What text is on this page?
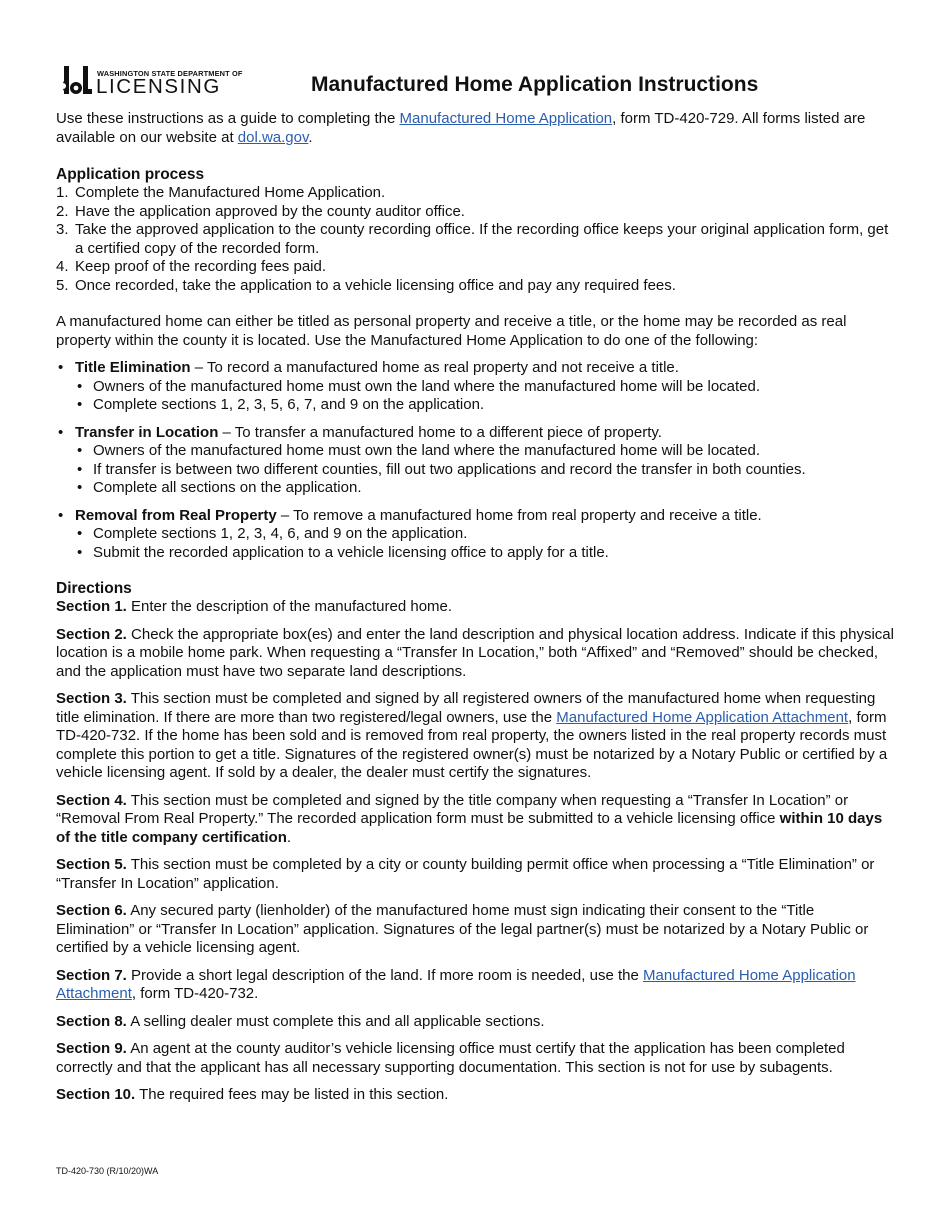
WASHINGTON STATE DEPARTMENT OF
LICENSING	Manufactured Home Application Instructions

Use these instructions as a guide to completing the Manufactured Home Application, form TD-420-729. All forms listed are available on our website at dol.wa.gov.

Application process
1. Complete the Manufactured Home Application.
2. Have the application approved by the county auditor office.
3. Take the approved application to the county recording office. If the recording office keeps your original application form, get a certified copy of the recorded form.
4. Keep proof of the recording fees paid.
5. Once recorded, take the application to a vehicle licensing office and pay any required fees.

A manufactured home can either be titled as personal property and receive a title, or the home may be recorded as real property within the county it is located. Use the Manufactured Home Application to do one of the following:

• Title Elimination – To record a manufactured home as real property and not receive a title.
• Owners of the manufactured home must own the land where the manufactured home will be located.
• Complete sections 1, 2, 3, 5, 6, 7, and 9 on the application.
• Transfer in Location – To transfer a manufactured home to a different piece of property.
• Owners of the manufactured home must own the land where the manufactured home will be located.
• If transfer is between two different counties, fill out two applications and record the transfer in both counties.
• Complete all sections on the application.
• Removal from Real Property – To remove a manufactured home from real property and receive a title.
• Complete sections 1, 2, 3, 4, 6, and 9 on the application.
• Submit the recorded application to a vehicle licensing office to apply for a title.
Directions

Section 1. Enter the description of the manufactured home.

Section 2. Check the appropriate box(es) and enter the land description and physical location address. Indicate if this physical location is a mobile home park. When requesting a “Transfer In Location,” both “Affixed” and “Removed” should be checked, and the application must have two separate land descriptions.

Section 3. This section must be completed and signed by all registered owners of the manufactured home when requesting title elimination. If there are more than two registered/legal owners, use the Manufactured Home Application Attachment, form TD-420-732. If the home has been sold and is removed from real property, the owners listed in the real property records must complete this portion to get a title. Signatures of the registered owner(s) must be notarized by a Notary Public or certified by a vehicle licensing agent. If sold by a dealer, the dealer must certify the signatures.

Section 4. This section must be completed and signed by the title company when requesting a “Transfer In Location” or “Removal From Real Property.” The recorded application form must be submitted to a vehicle licensing office within 10 days of the title company certification.

Section 5. This section must be completed by a city or county building permit office when processing a “Title Elimination” or “Transfer In Location” application.

Section 6. Any secured party (lienholder) of the manufactured home must sign indicating their consent to the “Title Elimination” or “Transfer In Location” application. Signatures of the legal partner(s) must be notarized by a Notary Public or certified by a vehicle licensing agent.

Section 7. Provide a short legal description of the land. If more room is needed, use the Manufactured Home Application Attachment, form TD-420-732.

Section 8. A selling dealer must complete this and all applicable sections.

Section 9. An agent at the county auditor’s vehicle licensing office must certify that the application has been completed correctly and that the applicant has all necessary supporting documentation. This section is not for use by subagents.

Section 10. The required fees may be listed in this section.

TD-420-730 (R/10/20)WA
